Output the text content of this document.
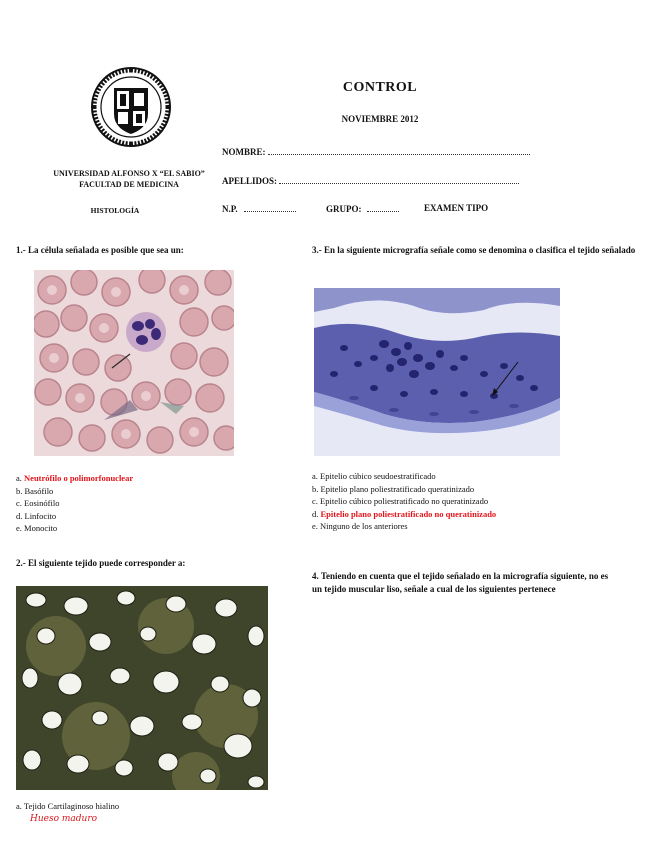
CONTROL
NOVIEMBRE 2012
NOMBRE:
APELLIDOS:
N.P.	GRUPO:	EXAMEN TIPO
UNIVERSIDAD ALFONSO X “EL SABIO”
FACULTAD DE MEDICINA
HISTOLOGÍA
1.- La célula señalada es posible que sea un:
a. Neutrófilo o polimorfonuclear
b. Basófilo
c. Eosinófilo
d. Linfocito
e. Monocito
2.- El siguiente tejido puede corresponder a:
a. Tejido Cartilaginoso hialino
Hueso maduro
3.- En la siguiente micrografía señale como se denomina o clasifica el tejido señalado
a. Epitelio cúbico seudoestratificado
b. Epitelio plano poliestratificado queratinizado
c. Epitelio cúbico poliestratificado no queratinizado
d. Epitelio plano poliestratificado no queratinizado
e. Ninguno de los anteriores
4. Teniendo en cuenta que el tejido señalado en la micrografía siguiente, no es un tejido muscular liso, señale a cual de los siguientes pertenece
